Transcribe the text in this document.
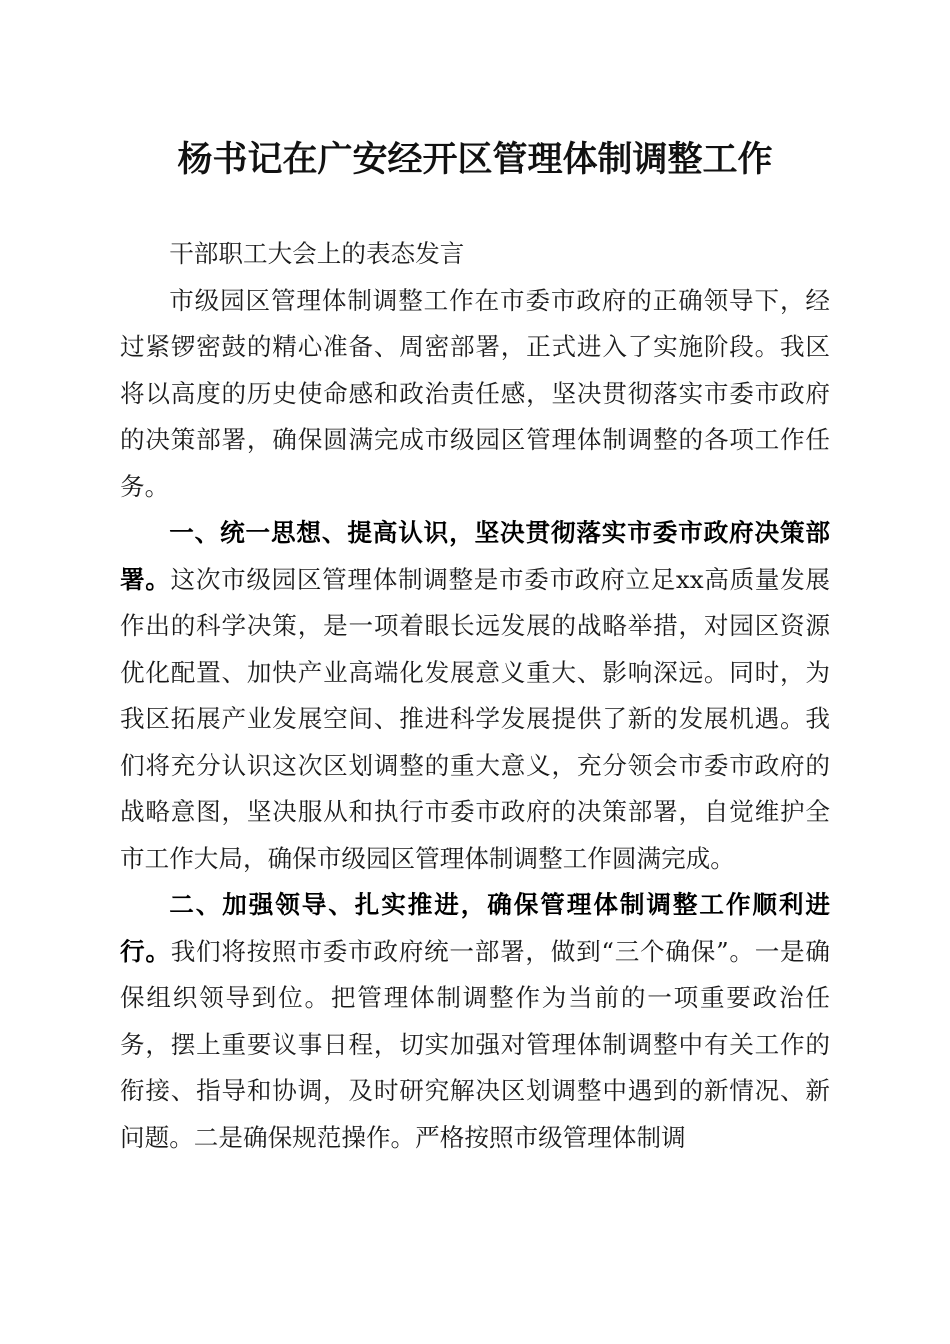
杨书记在广安经开区管理体制调整工作

干部职工大会上的表态发言

市级园区管理体制调整工作在市委市政府的正确领导下，经过紧锣密鼓的精心准备、周密部署，正式进入了实施阶段。我区将以高度的历史使命感和政治责任感，坚决贯彻落实市委市政府的决策部署，确保圆满完成市级园区管理体制调整的各项工作任务。

一、统一思想、提高认识，坚决贯彻落实市委市政府决策部署。这次市级园区管理体制调整是市委市政府立足xx高质量发展作出的科学决策，是一项着眼长远发展的战略举措，对园区资源优化配置、加快产业高端化发展意义重大、影响深远。同时，为我区拓展产业发展空间、推进科学发展提供了新的发展机遇。我们将充分认识这次区划调整的重大意义，充分领会市委市政府的战略意图，坚决服从和执行市委市政府的决策部署，自觉维护全市工作大局，确保市级园区管理体制调整工作圆满完成。

二、加强领导、扎实推进，确保管理体制调整工作顺利进行。我们将按照市委市政府统一部署，做到“三个确保”。一是确保组织领导到位。把管理体制调整作为当前的一项重要政治任务，摆上重要议事日程，切实加强对管理体制调整中有关工作的衔接、指导和协调，及时研究解决区划调整中遇到的新情况、新问题。二是确保规范操作。严格按照市级管理体制调
